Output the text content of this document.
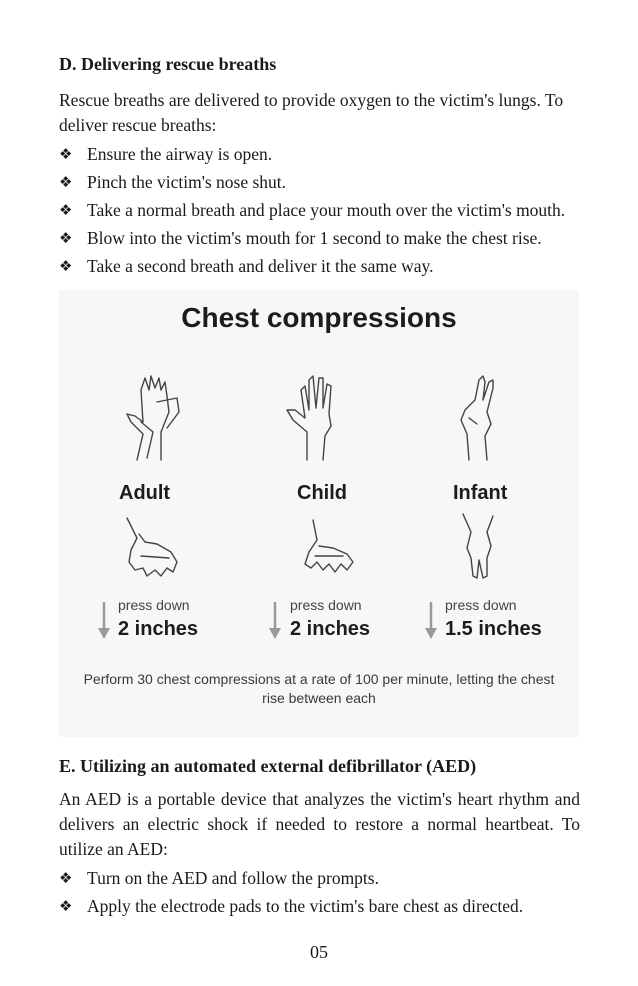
D. Delivering rescue breaths

Rescue breaths are delivered to provide oxygen to the victim's lungs. To deliver rescue breaths:

❖ Ensure the airway is open.
❖ Pinch the victim's nose shut.
❖ Take a normal breath and place your mouth over the victim's mouth.
❖ Blow into the victim's mouth for 1 second to make the chest rise.
❖ Take a second breath and deliver it the same way.
Chest compressions
Adult	Child	Infant
press down
2 inches
press down
2 inches
press down
1.5 inches
Perform 30 chest compressions at a rate of 100 per minute, letting the chest rise between each
E. Utilizing an automated external defibrillator (AED)

An AED is a portable device that analyzes the victim's heart rhythm and delivers an electric shock if needed to restore a normal heartbeat. To utilize an AED:

❖ Turn on the AED and follow the prompts.
❖ Apply the electrode pads to the victim's bare chest as directed.
05
